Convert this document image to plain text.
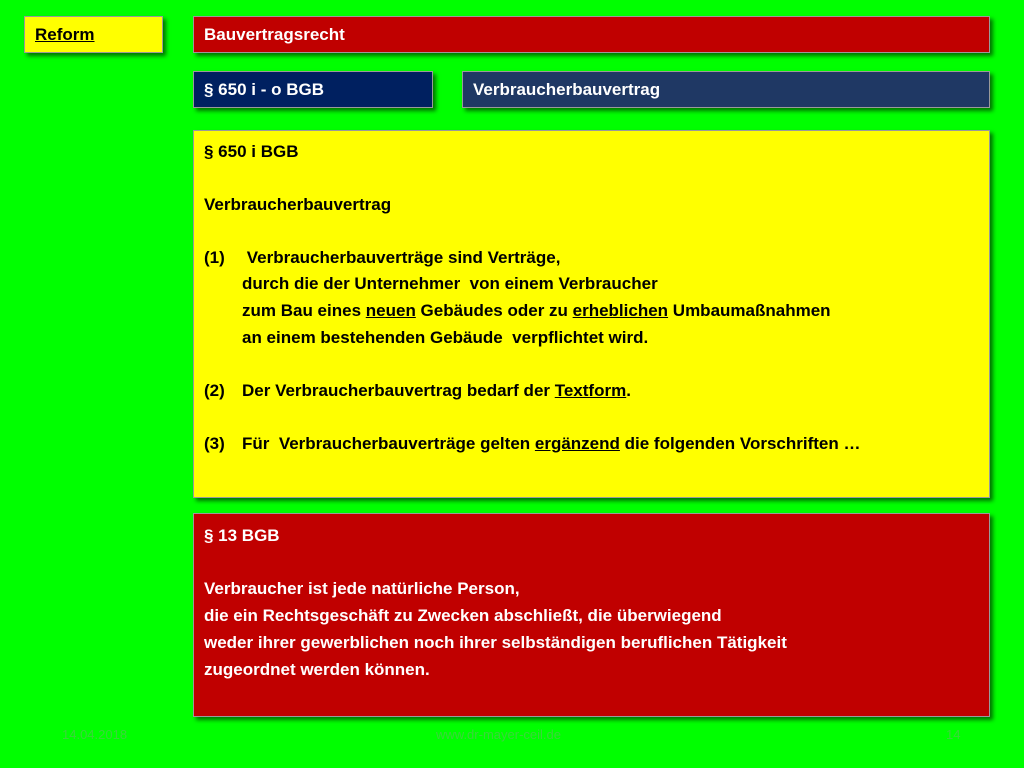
Reform	Bauvertragsrecht
§ 650 i - o BGB	Verbraucherbauvertrag
§ 650 i BGB
Verbraucherbauvertrag
(1)	Verbraucherbauverträge sind Verträge,
durch die der Unternehmer  von einem Verbraucher
zum Bau eines neuen Gebäudes oder zu erheblichen Umbaumaßnahmen
an einem bestehenden Gebäude  verpflichtet wird.
(2)	Der Verbraucherbauvertrag bedarf der Textform.
(3)	Für  Verbraucherbauverträge gelten ergänzend die folgenden Vorschriften …
§ 13 BGB
Verbraucher ist jede natürliche Person,
die ein Rechtsgeschäft zu Zwecken abschließt, die überwiegend
weder ihrer gewerblichen noch ihrer selbständigen beruflichen Tätigkeit
zugeordnet werden können.
14.04.2018	www.dr-mayer-ceil.de	14
